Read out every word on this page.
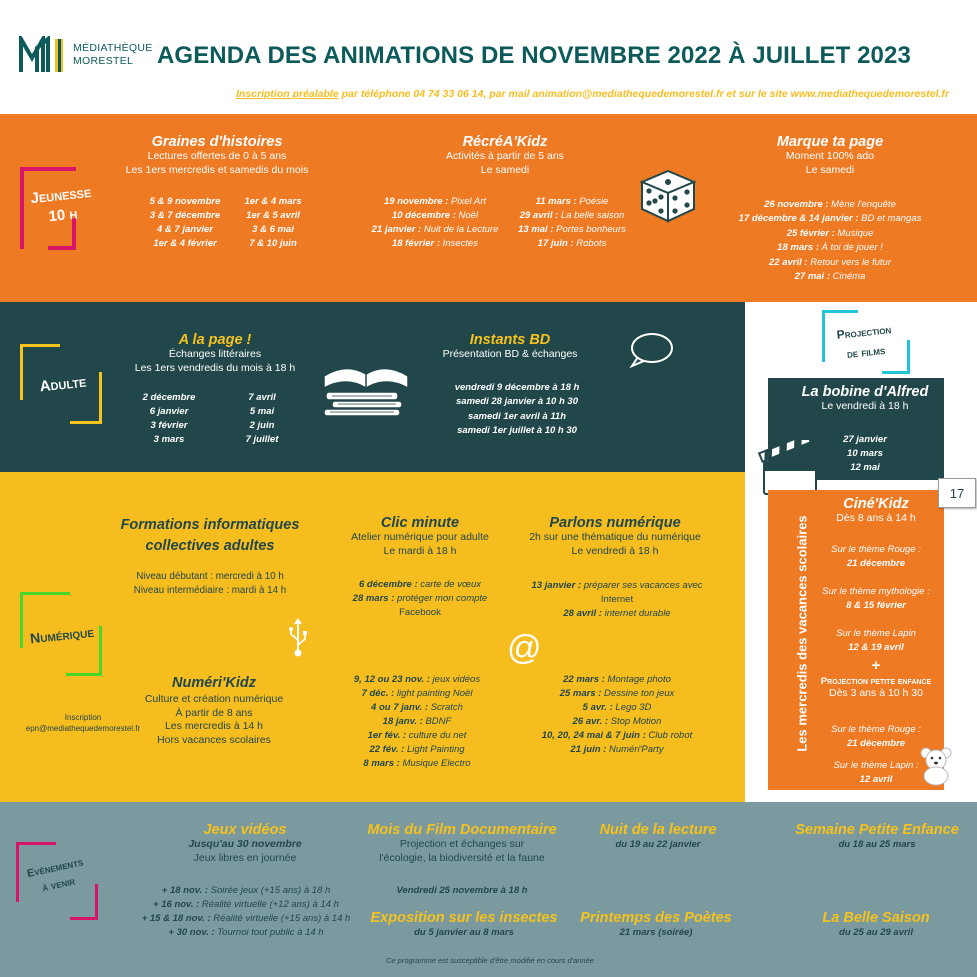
MÉDIATHÈQUE
MORESTEL AGENDA DES ANIMATIONS DE NOVEMBRE 2022 À JUILLET 2023
Inscription préalable par téléphone 04 74 33 06 14, par mail animation@mediathequedemorestel.fr et sur le site www.mediathequedemorestel.fr
Jeunesse
10 h
Graines d'histoires
Lectures offertes de 0 à 5 ans
Les 1ers mercredis et samedis du mois
5 & 9 novembre
3 & 7 décembre
4 & 7 janvier
1er & 4 février
1er & 4 mars
1er & 5 avril
3 & 6 mai
7 & 10 juin
RécréA'Kidz
Activités à partir de 5 ans
Le samedi
19 novembre : Pixel Art
10 décembre : Noël
21 janvier : Nuit de la Lecture
18 février : Insectes
11 mars : Poésie
29 avril : La belle saison
13 mai : Portes bonheurs
17 juin : Robots
Marque ta page
Moment 100% ado
Le samedi
26 novembre : Mène l'enquête
17 décembre & 14 janvier : BD et mangas
25 février : Musique
18 mars : À toi de jouer !
22 avril : Retour vers le futur
27 mai : Cinéma
Adulte
A la page !
Échanges littéraires
Les 1ers vendredis du mois à 18 h
2 décembre
6 janvier
3 février
3 mars
7 avril
5 mai
2 juin
7 juillet
Instants BD
Présentation BD & échanges
vendredi 9 décembre à 18 h
samedi 28 janvier à 10 h 30
samedi 1er avril à 11h
samedi 1er juillet à 10 h 30
Projection
de films
La bobine d'Alfred
Le vendredi à 18 h
27 janvier
10 mars
12 mai
17
Les mercredis des vacances scolaires
Ciné'Kidz
Dès 8 ans à 14 h
Sur le thème Rouge :
21 décembre
Sur le thème mythologie :
8 & 15 février
Sur le thème Lapin
12 & 19 avril
+
Projection petite enfance
Dès 3 ans à 10 h 30
Sur le thème Rouge :
21 décembre
Sur le thème Lapin :
12 avril
Numérique
Formations informatiques
collectives adultes
Niveau débutant : mercredi à 10 h
Niveau intermédiaire : mardi à 14 h
Inscription
epn@mediathequedemorestel.fr
Numéri'Kidz
Culture et création numérique
À partir de 8 ans
Les mercredis à 14 h
Hors vacances scolaires
Clic minute
Atelier numérique pour adulte
Le mardi à 18 h
6 décembre : carte de vœux
28 mars : protéger mon compte
Facebook
Parlons numérique
2h sur une thématique du numérique
Le vendredi à 18 h
13 janvier : préparer ses vacances avec
Internet
28 avril : internet durable
@
9, 12 ou 23 nov. : jeux vidéos
7 déc. : light painting Noël
4 ou 7 janv. : Scratch
18 janv. : BDNF
1er fév. : culture du net
22 fév. : Light Painting
8 mars : Musique Electro
22 mars : Montage photo
25 mars : Dessine ton jeux
5 avr. : Lego 3D
26 avr. : Stop Motion
10, 20, 24 mai & 7 juin : Club robot
21 juin : Numéri'Party
Evènements
à venir
Jeux vidéos
Jusqu'au 30 novembre
Jeux libres en journée
+ 18 nov. : Soirée jeux (+15 ans) à 18 h
+ 16 nov. : Réalité virtuelle (+12 ans) à 14 h
+ 15 & 18 nov. : Réalité virtuelle (+15 ans) à 14 h
+ 30 nov. : Tournoi tout public à 14 h
Mois du Film Documentaire
Projection et échanges sur
l'écologie, la biodiversité et la faune
Vendredi 25 novembre à 18 h
Nuit de la lecture
du 19 au 22 janvier
Semaine Petite Enfance
du 18 au 25 mars
Exposition sur les insectes
du 5 janvier au 8 mars
Printemps des Poètes
21 mars (soirée)
La Belle Saison
du 25 au 29 avril
Ce programme est susceptible d'être modifié en cours d'année
